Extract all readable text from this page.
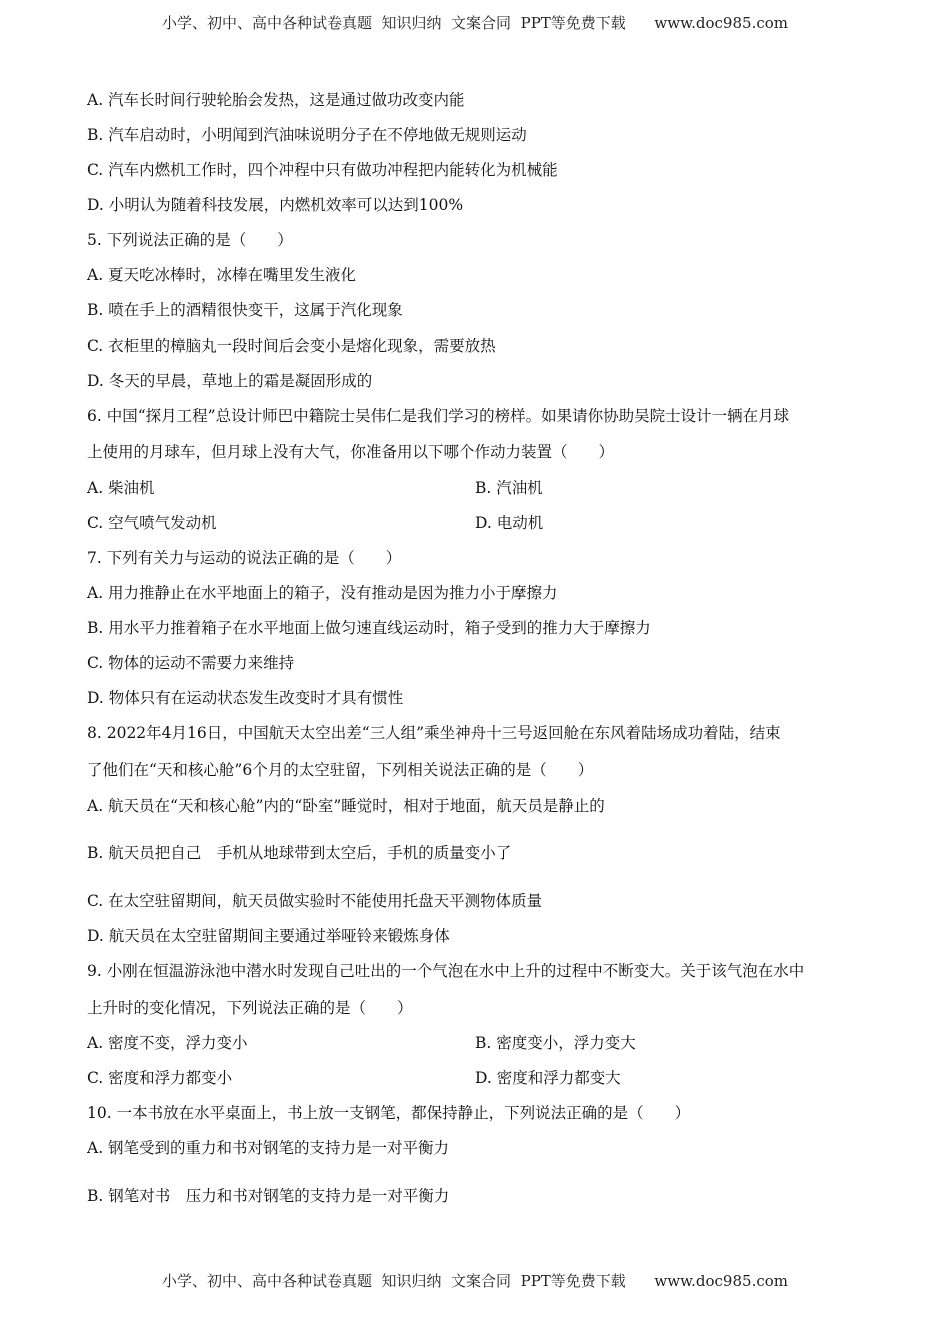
小学、初中、高中各种试卷真题  知识归纳  文案合同  PPT等免费下载      www.doc985.com
A. 汽车长时间行驶轮胎会发热，这是通过做功改变内能
B. 汽车启动时，小明闻到汽油味说明分子在不停地做无规则运动
C. 汽车内燃机工作时，四个冲程中只有做功冲程把内能转化为机械能
D. 小明认为随着科技发展，内燃机效率可以达到100%
5. 下列说法正确的是（　　）
A. 夏天吃冰棒时，冰棒在嘴里发生液化
B. 喷在手上的酒精很快变干，这属于汽化现象
C. 衣柜里的樟脑丸一段时间后会变小是熔化现象，需要放热
D. 冬天的早晨，草地上的霜是凝固形成的
6. 中国“探月工程”总设计师巴中籍院士吴伟仁是我们学习的榜样。如果请你协助吴院士设计一辆在月球
上使用的月球车，但月球上没有大气，你准备用以下哪个作动力装置（　　）
A. 柴油机	B. 汽油机
C. 空气喷气发动机	D. 电动机
7. 下列有关力与运动的说法正确的是（　　）
A. 用力推静止在水平地面上的箱子，没有推动是因为推力小于摩擦力
B. 用水平力推着箱子在水平地面上做匀速直线运动时，箱子受到的推力大于摩擦力
C. 物体的运动不需要力来维持
D. 物体只有在运动状态发生改变时才具有惯性
8. 2022年4月16日，中国航天太空出差“三人组”乘坐神舟十三号返回舱在东风着陆场成功着陆，结束
了他们在“天和核心舱”6个月的太空驻留，下列相关说法正确的是（　　）
A. 航天员在“天和核心舱”内的“卧室”睡觉时，相对于地面，航天员是静止的
B. 航天员把自己　手机从地球带到太空后，手机的质量变小了
C. 在太空驻留期间，航天员做实验时不能使用托盘天平测物体质量
D. 航天员在太空驻留期间主要通过举哑铃来锻炼身体
9. 小刚在恒温游泳池中潜水时发现自己吐出的一个气泡在水中上升的过程中不断变大。关于该气泡在水中
上升时的变化情况，下列说法正确的是（　　）
A. 密度不变，浮力变小	B. 密度变小，浮力变大
C. 密度和浮力都变小	D. 密度和浮力都变大
10. 一本书放在水平桌面上，书上放一支钢笔，都保持静止，下列说法正确的是（　　）
A. 钢笔受到的重力和书对钢笔的支持力是一对平衡力
B. 钢笔对书　压力和书对钢笔的支持力是一对平衡力
小学、初中、高中各种试卷真题  知识归纳  文案合同  PPT等免费下载      www.doc985.com
